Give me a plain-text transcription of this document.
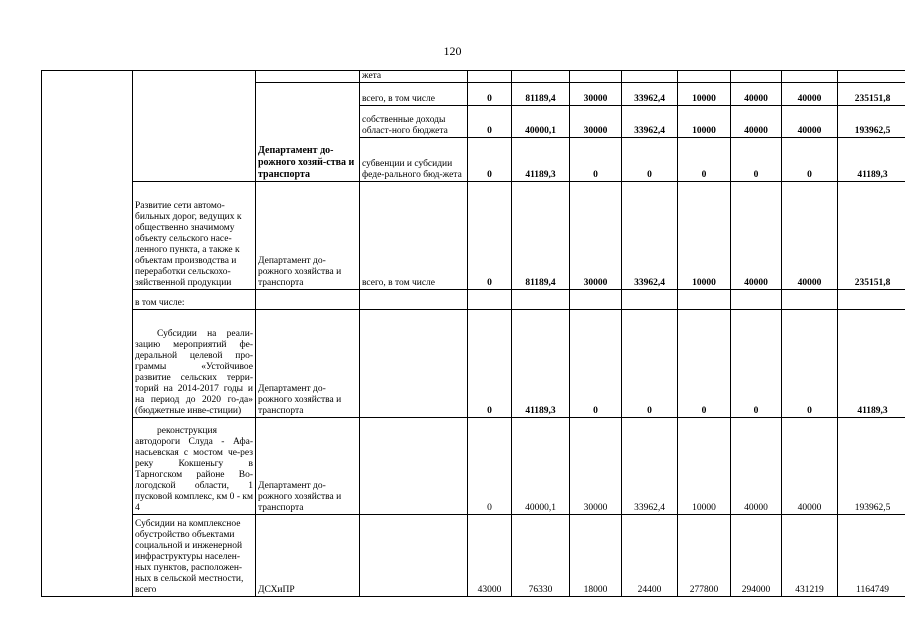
120
			жета								

		Департамент до-рожного хозяй-ства и транспорта	всего, в том числе	0	81189,4	30000	33962,4	10000	40000	40000	235151,8
			собственные доходы област-ного бюджета	0	40000,1	30000	33962,4	10000	40000	40000	193962,5
			субвенции и субсидии феде-рального бюд-жета	0	41189,3	0	0	0	0	0	41189,3
	Развитие сети автомо-бильных дорог, ведущих к общественно значимому объекту сельского насе-ленного пункта, а также к объектам производства и переработки сельскохо-зяйственной продукции	Департамент до-рожного хозяйства и транспорта	всего, в том числе	0	81189,4	30000	33962,4	10000	40000	40000	235151,8
	в том числе:										

	Субсидии на реали-зацию мероприятий фе-деральной целевой про-граммы «Устойчивое развитие сельских терри-торий на 2014-2017 годы и на период до 2020 го-да» (бюджетные инве-стиции)	Департамент до-рожного хозяйства и транспорта		0	41189,3	0	0	0	0	0	41189,3

	реконструкция автодороги Слуда - Афа-насьевская с мостом че-рез реку Кокшеньгу в Тарногском районе Во-логодской области, 1 пусковой комплекс, км 0 - км 4	Департамент до-рожного хозяйства и транспорта		0	40000,1	30000	33962,4	10000	40000	40000	193962,5
	Субсидии на комплексное обустройство объектами социальной и инженерной инфраструктуры населен-ных пунктов, расположен-ных в сельской местности, всего	ДСХиПР		43000	76330	18000	24400	277800	294000	431219	1164749
